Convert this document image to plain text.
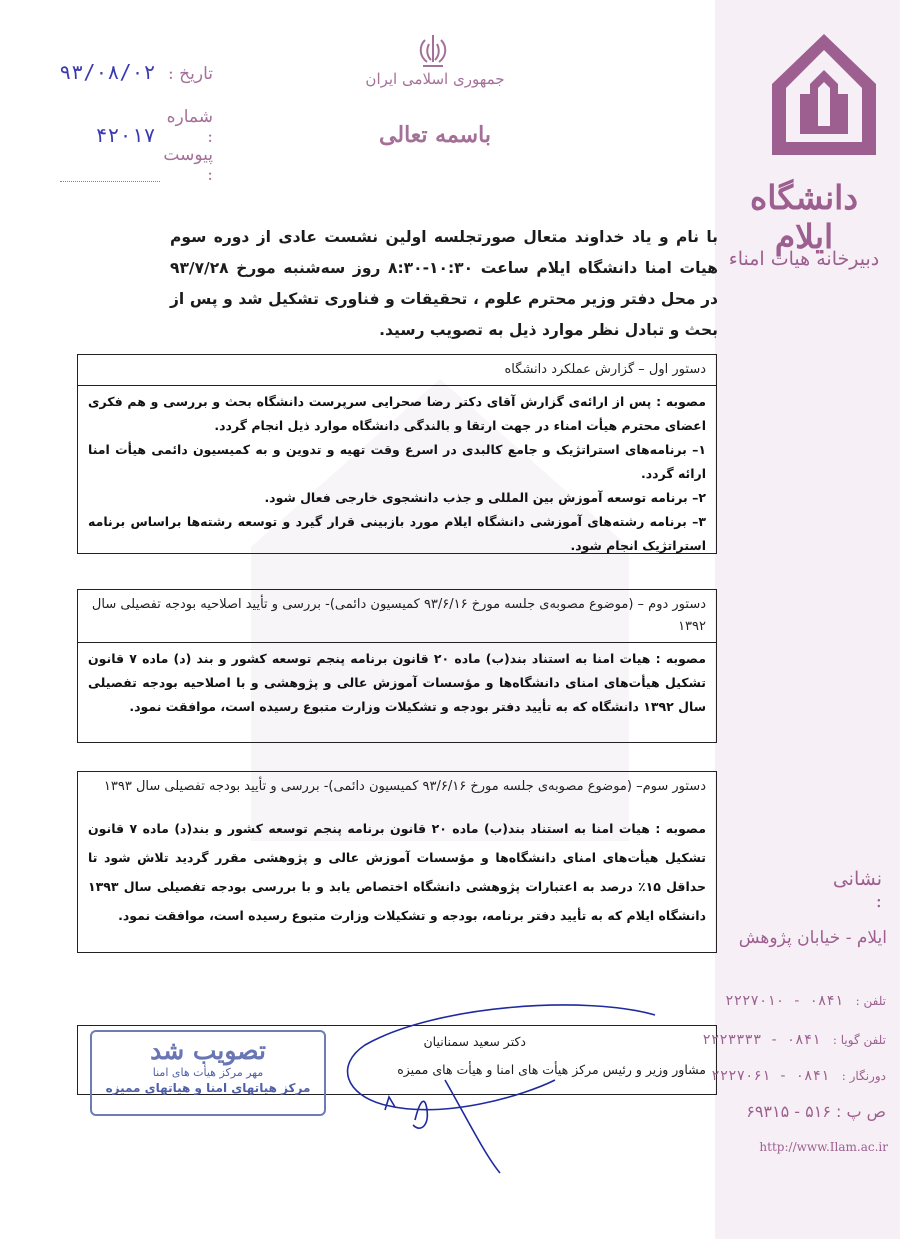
جمهوری اسلامی ایران
باسمه تعالی
تاریخ : ۹۳/۰۸/۰۲
شماره : ۴۲۰۱۷
پیوست :
دانشگاه ایلام
دبیرخانه هیات امناء
با نام و یاد خداوند متعال صورتجلسه اولین نشست عادی از دوره سوم هیات امنا دانشگاه ایلام ساعت ۱۰:۳۰-۸:۳۰ روز سه‌شنبه مورخ ۹۳/۷/۲۸ در محل دفتر وزیر محترم علوم ، تحقیقات و فناوری تشکیل شد و پس از بحث و تبادل نظر موارد ذیل به تصویب رسید.
دستور اول – گزارش عملکرد دانشگاه
مصوبه : پس از ارائه‌ی گزارش آقای دکتر رضا صحرایی سرپرست دانشگاه بحث و بررسی و هم فکری اعضای محترم هیأت امناء در جهت ارتقا و بالندگی دانشگاه موارد ذیل انجام گردد.
۱– برنامه‌های استراتژیک و جامع کالبدی در اسرع وقت تهیه و تدوین و به کمیسیون دائمی هیأت امنا ارائه گردد.
۲– برنامه توسعه آموزش بین المللی و جذب دانشجوی خارجی فعال شود.
۳– برنامه رشته‌های آموزشی دانشگاه ایلام مورد بازبینی قرار گیرد و توسعه رشته‌ها براساس برنامه استراتژیک انجام شود.
دستور دوم – (موضوع مصوبه‌ی جلسه مورخ ۹۳/۶/۱۶ کمیسیون دائمی)- بررسی و تأیید اصلاحیه بودجه تفصیلی سال ۱۳۹۲
مصوبه : هیات امنا به استناد بند(ب) ماده ۲۰ قانون برنامه پنجم توسعه کشور و بند (د) ماده ۷ قانون تشکیل هیأت‌های امنای دانشگاه‌ها و مؤسسات آموزش عالی و پژوهشی و با اصلاحیه بودجه تفصیلی سال ۱۳۹۲ دانشگاه که به تأیید دفتر بودجه و تشکیلات وزارت متبوع رسیده است، موافقت نمود.
دستور سوم– (موضوع مصوبه‌ی جلسه مورخ ۹۳/۶/۱۶ کمیسیون دائمی)- بررسی و تأیید بودجه تفصیلی سال ۱۳۹۳
مصوبه : هیات امنا به استناد بند(ب) ماده ۲۰ قانون برنامه پنجم توسعه کشور و بند(د) ماده ۷ قانون تشکیل هیأت‌های امنای دانشگاه‌ها و مؤسسات آموزش عالی و پژوهشی مقرر گردید تلاش شود تا حداقل ۱۵٪ درصد به اعتبارات پژوهشی دانشگاه اختصاص یابد و با بررسی بودجه تفصیلی سال ۱۳۹۳ دانشگاه ایلام که به تأیید دفتر برنامه، بودجه و تشکیلات وزارت متبوع رسیده است، موافقت نمود.
دکتر سعید سمنانیان
مشاور وزیر و رئیس مرکز هیأت های امنا و هیأت های ممیزه
تصویب شد
مهر مرکز هیأت های امنا
مرکز هیاتهای امنا و هیاتهای ممیزه
نشانی :
ایلام - خیابان پژوهش
تلفن : ۰۸۴۱ - ۲۲۲۷۰۱۰
تلفن گویا : ۰۸۴۱ - ۲۲۲۳۳۳۳
دورنگار : ۰۸۴۱ - ۲۲۲۷۰۶۱
ص پ : ۵۱۶ - ۶۹۳۱۵
http://www.Ilam.ac.ir
